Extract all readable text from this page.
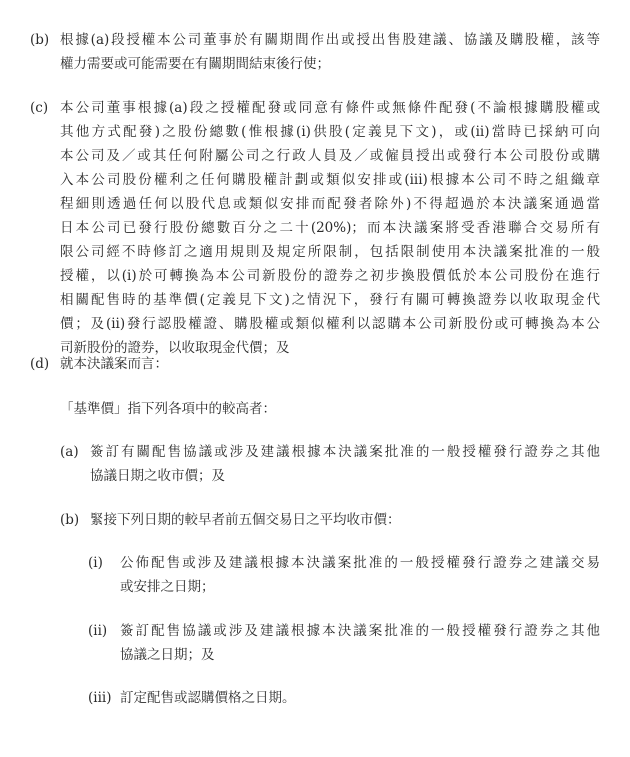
(b) 根據(a)段授權本公司董事於有關期間作出或授出售股建議、協議及購股權，該等
權力需要或可能需要在有關期間結束後行使；
(c) 本公司董事根據(a)段之授權配發或同意有條件或無條件配發(不論根據購股權或
其他方式配發)之股份總數(惟根據(i)供股(定義見下文)，或(ii)當時已採納可向
本公司及／或其任何附屬公司之行政人員及／或僱員授出或發行本公司股份或購
入本公司股份權利之任何購股權計劃或類似安排或(iii)根據本公司不時之組織章
程細則透過任何以股代息或類似安排而配發者除外)不得超過於本決議案通過當
日本公司已發行股份總數百分之二十(20%)；而本決議案將受香港聯合交易所有
限公司經不時修訂之適用規則及規定所限制，包括限制使用本決議案批准的一般
授權，以(i)於可轉換為本公司新股份的證券之初步換股價低於本公司股份在進行
相關配售時的基準價(定義見下文)之情況下，發行有關可轉換證券以收取現金代
價；及(ii)發行認股權證、購股權或類似權利以認購本公司新股份或可轉換為本公
司新股份的證券，以收取現金代價；及
(d) 就本決議案而言：
「基準價」指下列各項中的較高者：
(a) 簽訂有關配售協議或涉及建議根據本決議案批准的一般授權發行證券之其他
協議日期之收市價；及
(b) 緊接下列日期的較早者前五個交易日之平均收市價：
(i) 公佈配售或涉及建議根據本決議案批准的一般授權發行證券之建議交易
或安排之日期；
(ii) 簽訂配售協議或涉及建議根據本決議案批准的一般授權發行證券之其他
協議之日期；及
(iii) 訂定配售或認購價格之日期。
